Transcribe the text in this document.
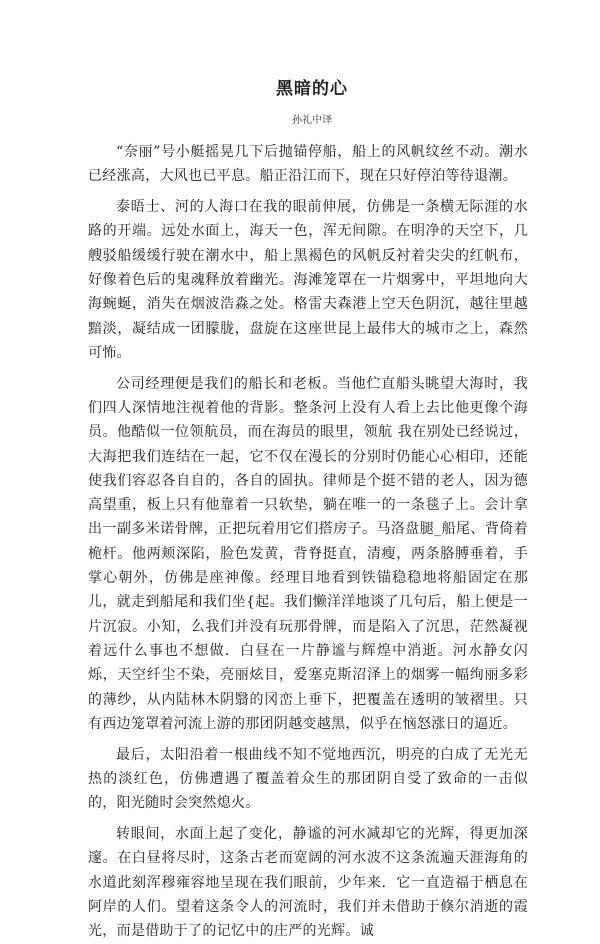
黑暗的心
孙礼中译

“奈丽”号小艇摇晃几下后抛锚停船，船上的风帆纹丝不动。潮水已经涨高，大风也已平息。船正沿江而下，现在只好停泊等待退潮。

泰晤士、河的人海口在我的眼前伸展，仿佛是一条横无际涯的水路的开端。远处水面上，海天一色，浑无间隙。在明净的天空下，几艘驳船缓缓行驶在潮水中，船上黑褐色的风帆反衬着尖尖的红帆布，好像着色后的鬼魂释放着幽光。海滩笼罩在一片烟雾中，平坦地向大海蜿蜒，消失在烟波浩淼之处。格雷夫森港上空天色阴沉，越往里越黯淡，凝结成一团朦胧，盘旋在这座世昆上最伟大的城市之上，森然可怖。

公司经理便是我们的船长和老板。当他伫直船头眺望大海时，我们四人深情地注视着他的背影。整条河上没有人看上去比他更像个海员。他酷似一位领航员，而在海员的眼里，领航 我在别处已经说过，大海把我们连结在一起，它不仅在漫长的分别时仍能心心相印，还能使我们容忍各自自的，各自的固执。律师是个挺不错的老人，因为德高望重，板上只有他靠着一只软垫，躺在唯一的一条毯子上。会计拿出一副多米诺骨牌，正把玩着用它们搭房子。马洛盘腿_船尾、背倚着桅杆。他两颊深陷，脸色发黄，背脊挺直，清瘦，两条胳膊垂着，手掌心朝外，仿佛是座神像。经理目地看到铁锚稳稳地将船固定在那儿，就走到船尾和我们坐{起。我们懒洋洋地谈了几句后，船上便是一片沉寂。小知，么我们并没有玩那骨牌，而是陷入了沉思，茫然凝视着远什么事也不想做．白昼在一片静谧与辉煌中消逝。河水静女闪烁，天空纤尘不染，亮丽炫目，爱塞克斯沼泽上的烟雾一幅绚丽多彩的薄纱，从内陆林木阴翳的冈峦上垂下，把覆盖在透明的皱褶里。只有西边笼罩着河流上游的那团阴越变越黑，似乎在恼怒涨日的逼近。

最后，太阳沿着一根曲线不知不觉地西沉，明亮的白成了无光无热的淡红色，仿佛遭遇了覆盖着众生的那团阴自受了致命的一击似的，阳光随时会突然熄火。

转眼间，水面上起了变化，静谧的河水减却它的光辉，得更加深邃。在白昼将尽时，这条古老而宽阔的河水波不这条流遍天涯海角的水道此刻浑穆雍容地呈现在我们眼前，少年来．它一直造福于栖息在阿岸的人们。望着这条令人的河流时，我们并未借助于倏尔消逝的霞光，而是借助于了的记忆中的庄严的光辉。诚
